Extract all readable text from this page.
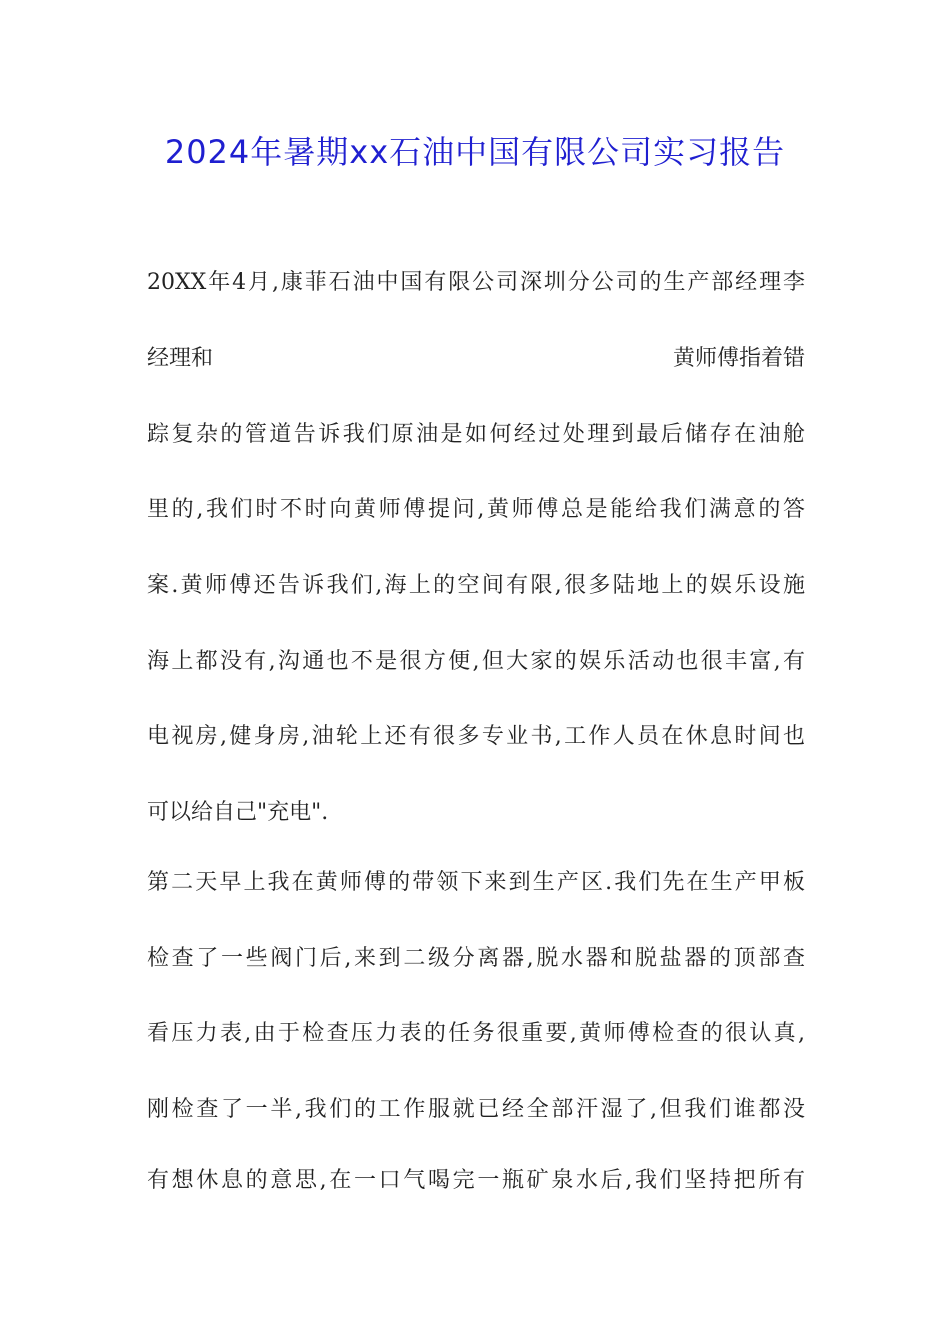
2024年暑期xx石油中国有限公司实习报告
20XX年4月,康菲石油中国有限公司深圳分公司的生产部经理李
经理和	黄师傅指着错
踪复杂的管道告诉我们原油是如何经过处理到最后储存在油舱
里的,我们时不时向黄师傅提问,黄师傅总是能给我们满意的答
案.黄师傅还告诉我们,海上的空间有限,很多陆地上的娱乐设施
海上都没有,沟通也不是很方便,但大家的娱乐活动也很丰富,有
电视房,健身房,油轮上还有很多专业书,工作人员在休息时间也
可以给自己"充电".
第二天早上我在黄师傅的带领下来到生产区.我们先在生产甲板
检查了一些阀门后,来到二级分离器,脱水器和脱盐器的顶部查
看压力表,由于检查压力表的任务很重要,黄师傅检查的很认真,
刚检查了一半,我们的工作服就已经全部汗湿了,但我们谁都没
有想休息的意思,在一口气喝完一瓶矿泉水后,我们坚持把所有
